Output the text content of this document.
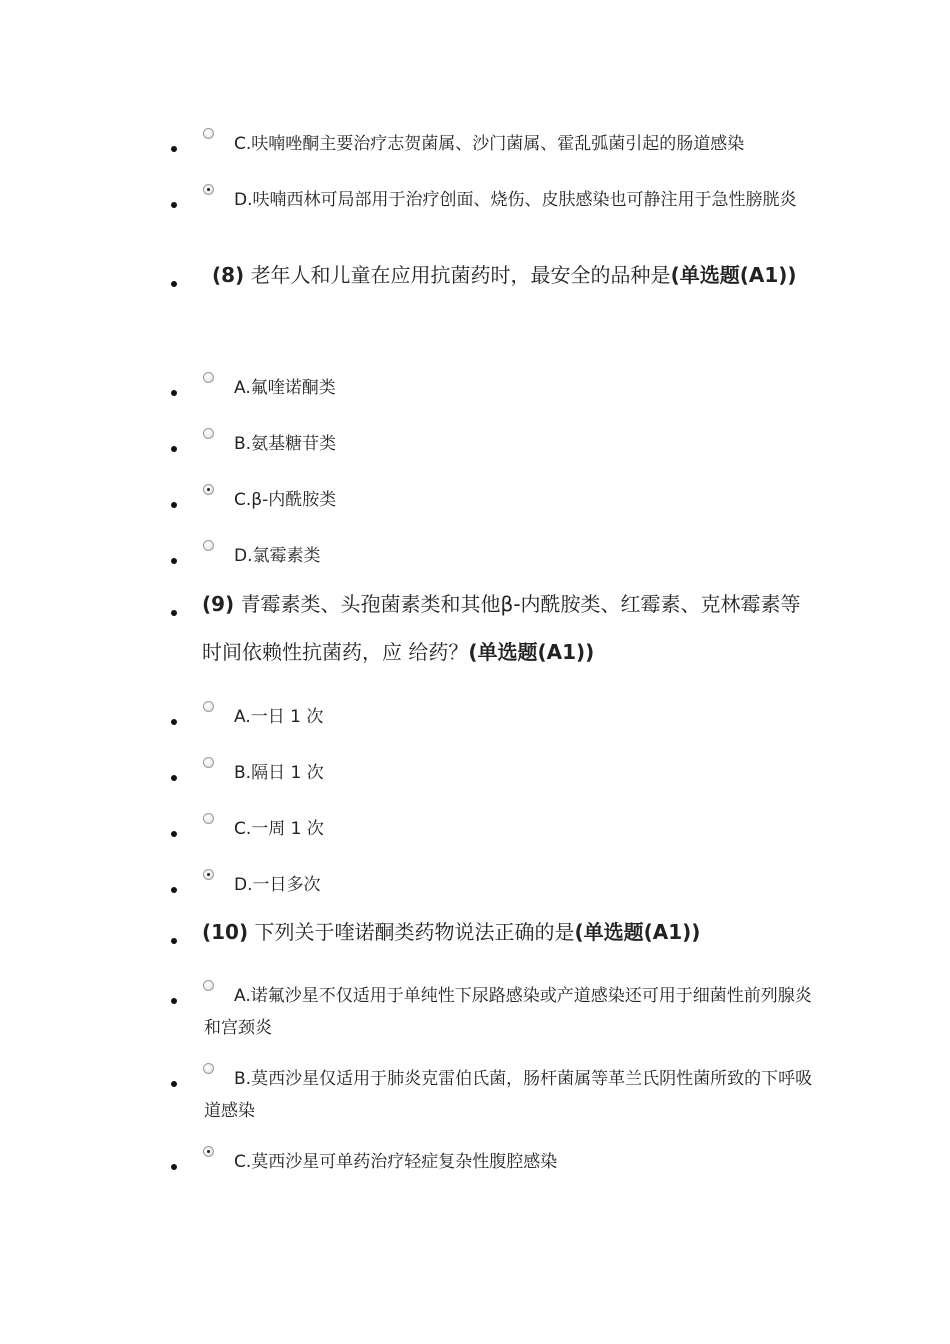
C.呋喃唑酮主要治疗志贺菌属、沙门菌属、霍乱弧菌引起的肠道感染
D.呋喃西林可局部用于治疗创面、烧伤、皮肤感染也可静注用于急性膀胱炎
(8) 老年人和儿童在应用抗菌药时，最安全的品种是(单选题(A1))
A.氟喹诺酮类
B.氨基糖苷类
C.β-内酰胺类
D.氯霉素类
(9) 青霉素类、头孢菌素类和其他β-内酰胺类、红霉素、克林霉素等时间依赖性抗菌药，应 给药？(单选题(A1))
A.一日 1 次
B.隔日 1 次
C.一周 1 次
D.一日多次
(10) 下列关于喹诺酮类药物说法正确的是(单选题(A1))
A.诺氟沙星不仅适用于单纯性下尿路感染或产道感染还可用于细菌性前列腺炎和宫颈炎
B.莫西沙星仅适用于肺炎克雷伯氏菌，肠杆菌属等革兰氏阴性菌所致的下呼吸道感染
C.莫西沙星可单药治疗轻症复杂性腹腔感染
